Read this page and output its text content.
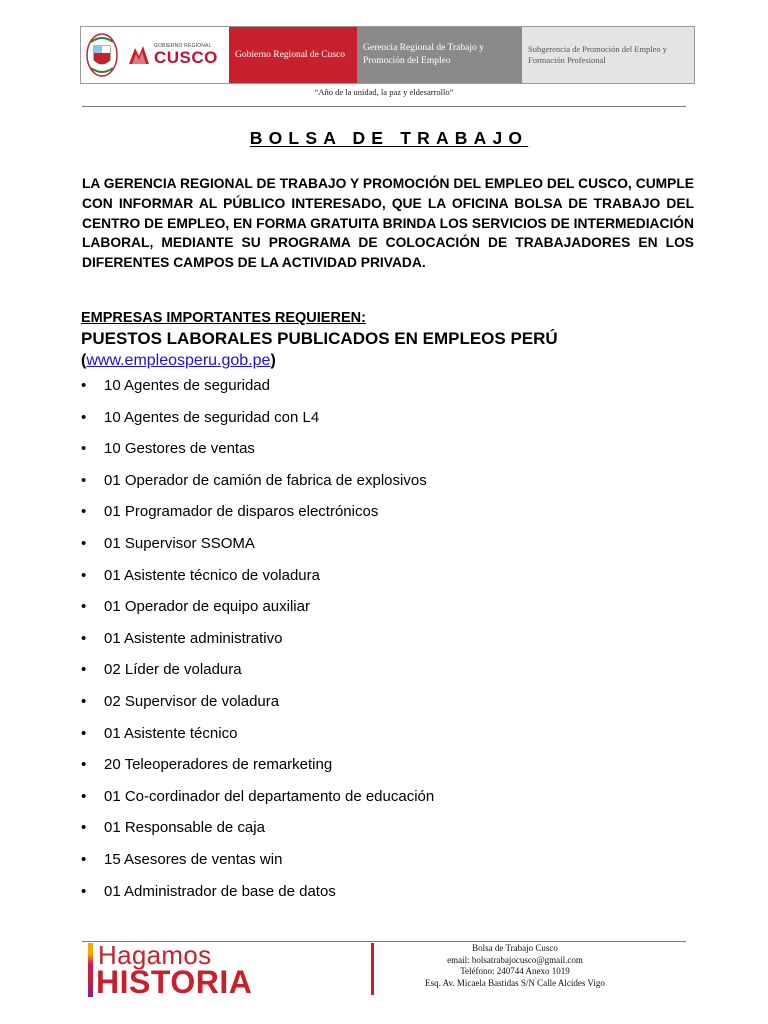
GOBIERNO REGIONAL
CUSCO	Gobierno Regional de Cusco
Gerencia Regional de Trabajo y Promoción del Empleo
Subgerencia de Promoción del Empleo y Formación Profesional
“Año de la unidad, la paz y eldesarrollo”
BOLSA DE TRABAJO
LA GERENCIA REGIONAL DE TRABAJO Y PROMOCIÓN DEL EMPLEO DEL CUSCO, CUMPLE CON INFORMAR AL PÚBLICO INTERESADO, QUE LA OFICINA BOLSA DE TRABAJO DEL CENTRO DE EMPLEO, EN FORMA GRATUITA BRINDA LOS SERVICIOS DE INTERMEDIACIÓN LABORAL, MEDIANTE SU PROGRAMA DE COLOCACIÓN DE TRABAJADORES EN LOS DIFERENTES CAMPOS DE LA ACTIVIDAD PRIVADA.
EMPRESAS IMPORTANTES REQUIEREN:
PUESTOS LABORALES PUBLICADOS EN EMPLEOS PERÚ
(www.empleosperu.gob.pe)
•	10 Agentes de seguridad
•	10 Agentes de seguridad con L4
•	10 Gestores de ventas
•	01 Operador de camión de fabrica de explosivos
•	01 Programador de disparos electrónicos
•	01 Supervisor SSOMA
•	01 Asistente técnico de voladura
•	01 Operador de equipo auxiliar
•	01 Asistente administrativo
•	02 Líder de voladura
•	02 Supervisor de voladura
•	01 Asistente técnico
•	20 Teleoperadores de remarketing
•	01 Co-cordinador del departamento de educación
•	01 Responsable de caja
•	15 Asesores de ventas win
•	01 Administrador de base de datos
Hagamos
HISTORIA
Bolsa de Trabajo Cusco
email: bolsatrabajocusco@gmail.com
Teléfono: 240744 Anexo 1019
Esq. Av. Micaela Bastidas S/N Calle Alcides Vigo
